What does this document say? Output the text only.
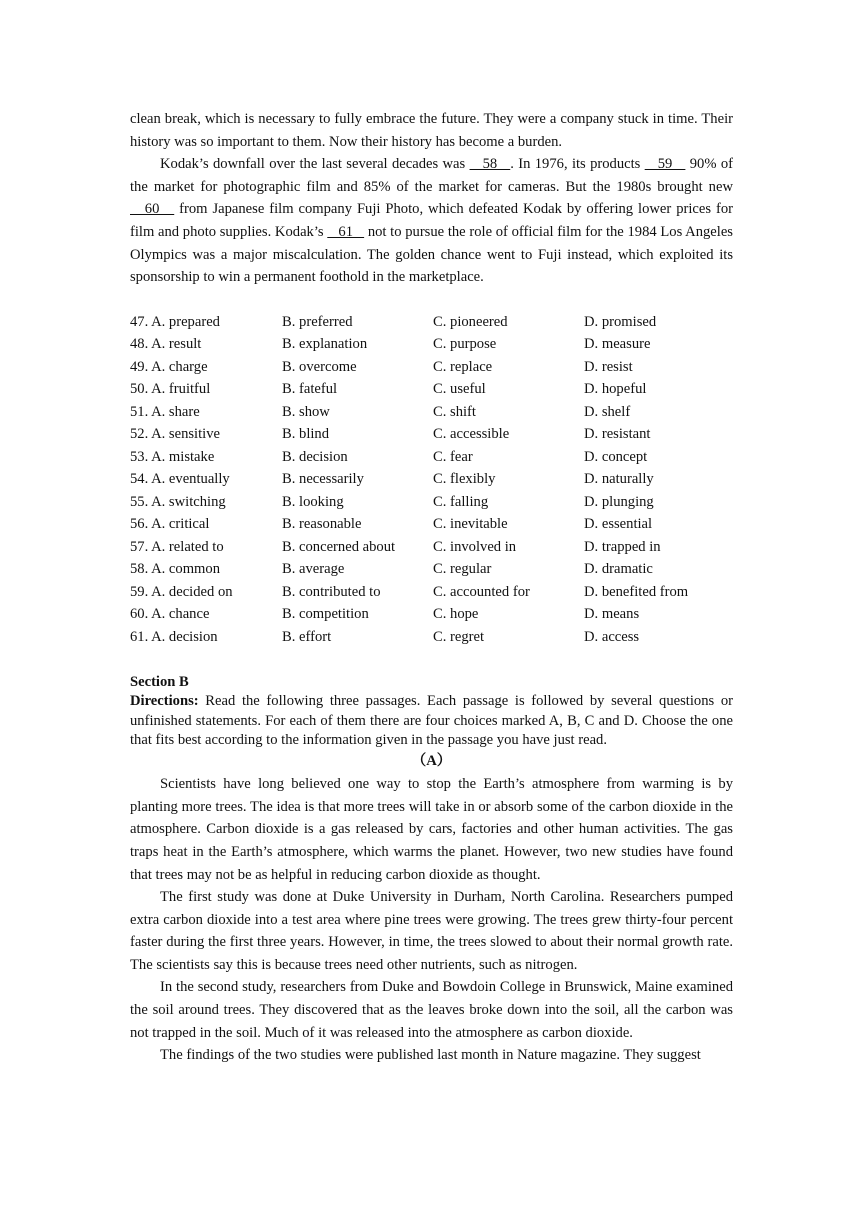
clean break, which is necessary to fully embrace the future. They were a company stuck in time. Their history was so important to them. Now their history has become a burden.

Kodak’s downfall over the last several decades was    58   . In 1976, its products    59    90% of the market for photographic film and 85% of the market for cameras. But the 1980s brought new    60    from Japanese film company Fuji Photo, which defeated Kodak by offering lower prices for film and photo supplies. Kodak’s    61    not to pursue the role of official film for the 1984 Los Angeles Olympics was a major miscalculation. The golden chance went to Fuji instead, which exploited its sponsorship to win a permanent foothold in the marketplace.

47. A. prepared	B. preferred	C. pioneered	D. promised
48. A. result	B. explanation	C. purpose	D. measure
49. A. charge	B. overcome	C. replace	D. resist
50. A. fruitful	B. fateful	C. useful	D. hopeful
51. A. share	B. show	C. shift	D. shelf
52. A. sensitive	B. blind	C. accessible	D. resistant
53. A. mistake	B. decision	C. fear	D. concept
54. A. eventually	B. necessarily	C. flexibly	D. naturally
55. A. switching	B. looking	C. falling	D. plunging
56. A. critical	B. reasonable	C. inevitable	D. essential
57. A. related to	B. concerned about	C. involved in	D. trapped in
58. A. common	B. average	C. regular	D. dramatic
59. A. decided on	B. contributed to	C. accounted for	D. benefited from
60. A. chance	B. competition	C. hope	D. means
61. A. decision	B. effort	C. regret	D. access
Section B

Directions: Read the following three passages. Each passage is followed by several questions or unfinished statements. For each of them there are four choices marked A, B, C and D. Choose the one that fits best according to the information given in the passage you have just read.

（A）

Scientists have long believed one way to stop the Earth’s atmosphere from warming is by planting more trees. The idea is that more trees will take in or absorb some of the carbon dioxide in the atmosphere. Carbon dioxide is a gas released by cars, factories and other human activities. The gas traps heat in the Earth’s atmosphere, which warms the planet. However, two new studies have found that trees may not be as helpful in reducing carbon dioxide as thought.

The first study was done at Duke University in Durham, North Carolina. Researchers pumped extra carbon dioxide into a test area where pine trees were growing. The trees grew thirty-four percent faster during the first three years. However, in time, the trees slowed to about their normal growth rate. The scientists say this is because trees need other nutrients, such as nitrogen.

In the second study, researchers from Duke and Bowdoin College in Brunswick, Maine examined the soil around trees. They discovered that as the leaves broke down into the soil, all the carbon was not trapped in the soil. Much of it was released into the atmosphere as carbon dioxide.

The findings of the two studies were published last month in Nature magazine. They suggest
